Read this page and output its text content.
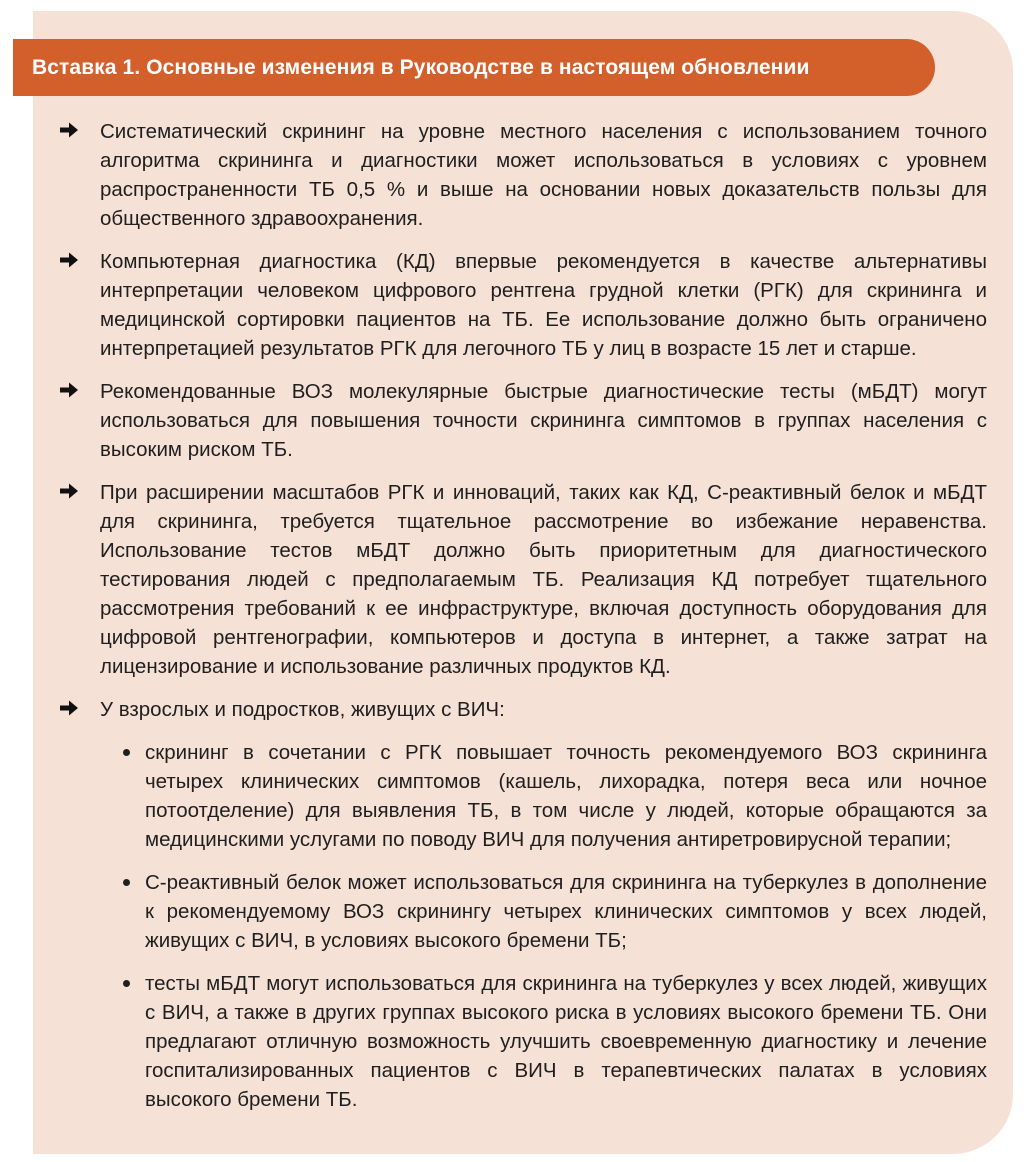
Вставка 1. Основные изменения в Руководстве в настоящем обновлении
Систематический скрининг на уровне местного населения с использованием точного алгоритма скрининга и диагностики может использоваться в условиях с уровнем распространенности ТБ 0,5 % и выше на основании новых доказательств пользы для общественного здравоохранения.
Компьютерная диагностика (КД) впервые рекомендуется в качестве альтернативы интерпретации человеком цифрового рентгена грудной клетки (РГК) для скрининга и медицинской сортировки пациентов на ТБ. Ее использование должно быть ограничено интерпретацией результатов РГК для легочного ТБ у лиц в возрасте 15 лет и старше.
Рекомендованные ВОЗ молекулярные быстрые диагностические тесты (мБДТ) могут использоваться для повышения точности скрининга симптомов в группах населения с высоким риском ТБ.
При расширении масштабов РГК и инноваций, таких как КД, С-реактивный белок и мБДТ для скрининга, требуется тщательное рассмотрение во избежание неравенства. Использование тестов мБДТ должно быть приоритетным для диагностического тестирования людей с предполагаемым ТБ. Реализация КД потребует тщательного рассмотрения требований к ее инфраструктуре, включая доступность оборудования для цифровой рентгенографии, компьютеров и доступа в интернет, а также затрат на лицензирование и использование различных продуктов КД.
У взрослых и подростков, живущих с ВИЧ:
скрининг в сочетании с РГК повышает точность рекомендуемого ВОЗ скрининга четырех клинических симптомов (кашель, лихорадка, потеря веса или ночное потоотделение) для выявления ТБ, в том числе у людей, которые обращаются за медицинскими услугами по поводу ВИЧ для получения антиретровирусной терапии;
С-реактивный белок может использоваться для скрининга на туберкулез в дополнение к рекомендуемому ВОЗ скринингу четырех клинических симптомов у всех людей, живущих с ВИЧ, в условиях высокого бремени ТБ;
тесты мБДТ могут использоваться для скрининга на туберкулез у всех людей, живущих с ВИЧ, а также в других группах высокого риска в условиях высокого бремени ТБ. Они предлагают отличную возможность улучшить своевременную диагностику и лечение госпитализированных пациентов с ВИЧ в терапевтических палатах в условиях высокого бремени ТБ.
